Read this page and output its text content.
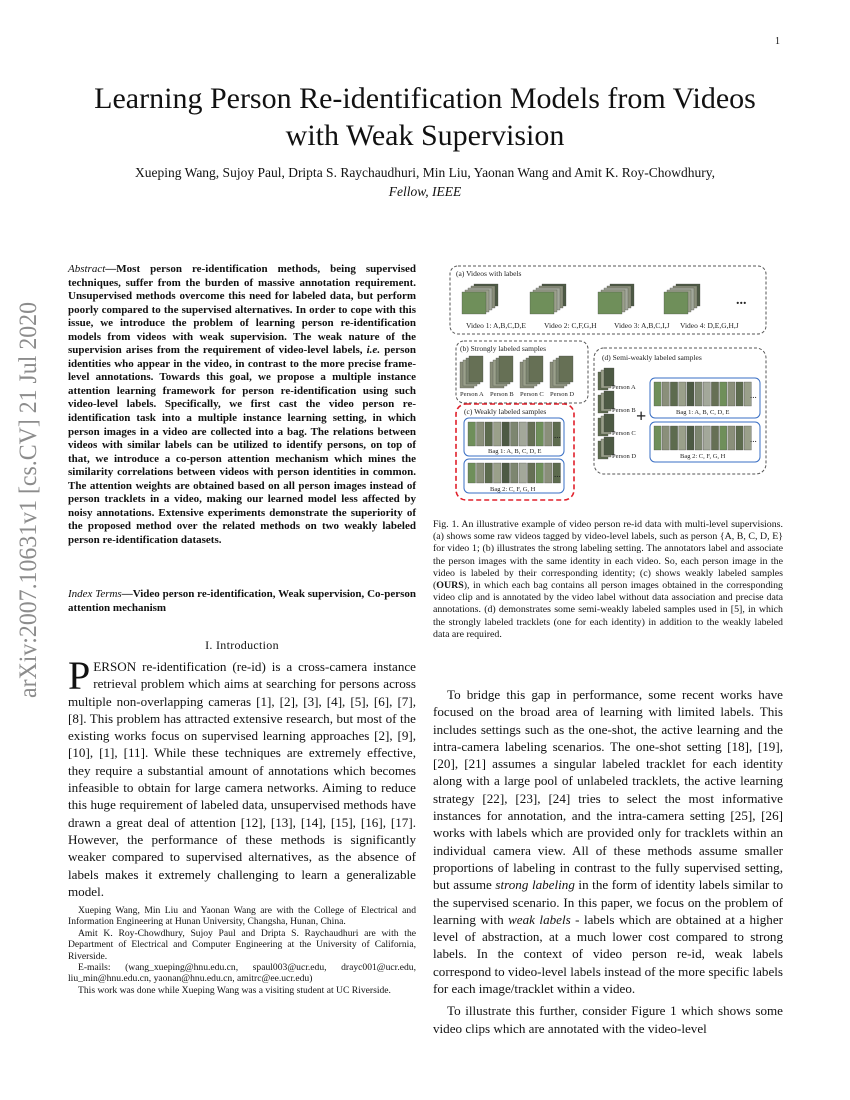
1
arXiv:2007.10631v1 [cs.CV] 21 Jul 2020
Learning Person Re-identification Models from Videos with Weak Supervision
Xueping Wang, Sujoy Paul, Dripta S. Raychaudhuri, Min Liu, Yaonan Wang and Amit K. Roy-Chowdhury,
Fellow, IEEE
Abstract—Most person re-identification methods, being supervised techniques, suffer from the burden of massive annotation requirement. Unsupervised methods overcome this need for labeled data, but perform poorly compared to the supervised alternatives. In order to cope with this issue, we introduce the problem of learning person re-identification models from videos with weak supervision. The weak nature of the supervision arises from the requirement of video-level labels, i.e. person identities who appear in the video, in contrast to the more precise frame-level annotations. Towards this goal, we propose a multiple instance attention learning framework for person re-identification using such video-level labels. Specifically, we first cast the video person re-identification task into a multiple instance learning setting, in which person images in a video are collected into a bag. The relations between videos with similar labels can be utilized to identify persons, on top of that, we introduce a co-person attention mechanism which mines the similarity correlations between videos with person identities in common. The attention weights are obtained based on all person images instead of person tracklets in a video, making our learned model less affected by noisy annotations. Extensive experiments demonstrate the superiority of the proposed method over the related methods on two weakly labeled person re-identification datasets.
Index Terms—Video person re-identification, Weak supervision, Co-person attention mechanism
I. Introduction
PERSON re-identification (re-id) is a cross-camera instance retrieval problem which aims at searching for persons across multiple non-overlapping cameras [1], [2], [3], [4], [5], [6], [7], [8]. This problem has attracted extensive research, but most of the existing works focus on supervised learning approaches [2], [9], [10], [1], [11]. While these techniques are extremely effective, they require a substantial amount of annotations which becomes infeasible to obtain for large camera networks. Aiming to reduce this huge requirement of labeled data, unsupervised methods have drawn a great deal of attention [12], [13], [14], [15], [16], [17]. However, the performance of these methods is significantly weaker compared to supervised alternatives, as the absence of labels makes it extremely challenging to learn a generalizable model.

Xueping Wang, Min Liu and Yaonan Wang are with the College of Electrical and Information Engineering at Hunan University, Changsha, Hunan, China.

Amit K. Roy-Chowdhury, Sujoy Paul and Dripta S. Raychaudhuri are with the Department of Electrical and Computer Engineering at the University of California, Riverside.

E-mails: (wang_xueping@hnu.edu.cn, spaul003@ucr.edu, drayc001@ucr.edu, liu_min@hnu.edu.cn, yaonan@hnu.edu.cn, amitrc@ee.ucr.edu)

This work was done while Xueping Wang was a visiting student at UC Riverside.

(a) Videos with labels
...
Video 1: A,B,C,D,E Video 2: C,F,G,H Video 3: A,B,C,I,J Video 4: D,E,G,H,J
(b) Strongly labeled samples
Person A Person B Person C Person D
(c) Weakly labeled samples
...
Bag 1: A, B, C, D, E
...
Bag 2: C, F, G, H
(d) Semi-weakly labeled samples
Person A
Person B
Person C
Person D
+
...
Bag 1: A, B, C, D, E
...
Bag 2: C, F, G, H
Fig. 1. An illustrative example of video person re-id data with multi-level supervisions. (a) shows some raw videos tagged by video-level labels, such as person {A, B, C, D, E} for video 1; (b) illustrates the strong labeling setting. The annotators label and associate the person images with the same identity in each video. So, each person image in the video is labeled by their corresponding identity; (c) shows weakly labeled samples (OURS), in which each bag contains all person images obtained in the corresponding video clip and is annotated by the video label without data association and precise data annotations. (d) demonstrates some semi-weakly labeled samples used in [5], in which the strongly labeled tracklets (one for each identity) in addition to the weakly labeled data are required.

To bridge this gap in performance, some recent works have focused on the broad area of learning with limited labels. This includes settings such as the one-shot, the active learning and the intra-camera labeling scenarios. The one-shot setting [18], [19], [20], [21] assumes a singular labeled tracklet for each identity along with a large pool of unlabeled tracklets, the active learning strategy [22], [23], [24] tries to select the most informative instances for annotation, and the intra-camera setting [25], [26] works with labels which are provided only for tracklets within an individual camera view. All of these methods assume smaller proportions of labeling in contrast to the fully supervised setting, but assume strong labeling in the form of identity labels similar to the supervised scenario. In this paper, we focus on the problem of learning with weak labels - labels which are obtained at a higher level of abstraction, at a much lower cost compared to strong labels. In the context of video person re-id, weak labels correspond to video-level labels instead of the more specific labels for each image/tracklet within a video.

To illustrate this further, consider Figure 1 which shows some video clips which are annotated with the video-level
